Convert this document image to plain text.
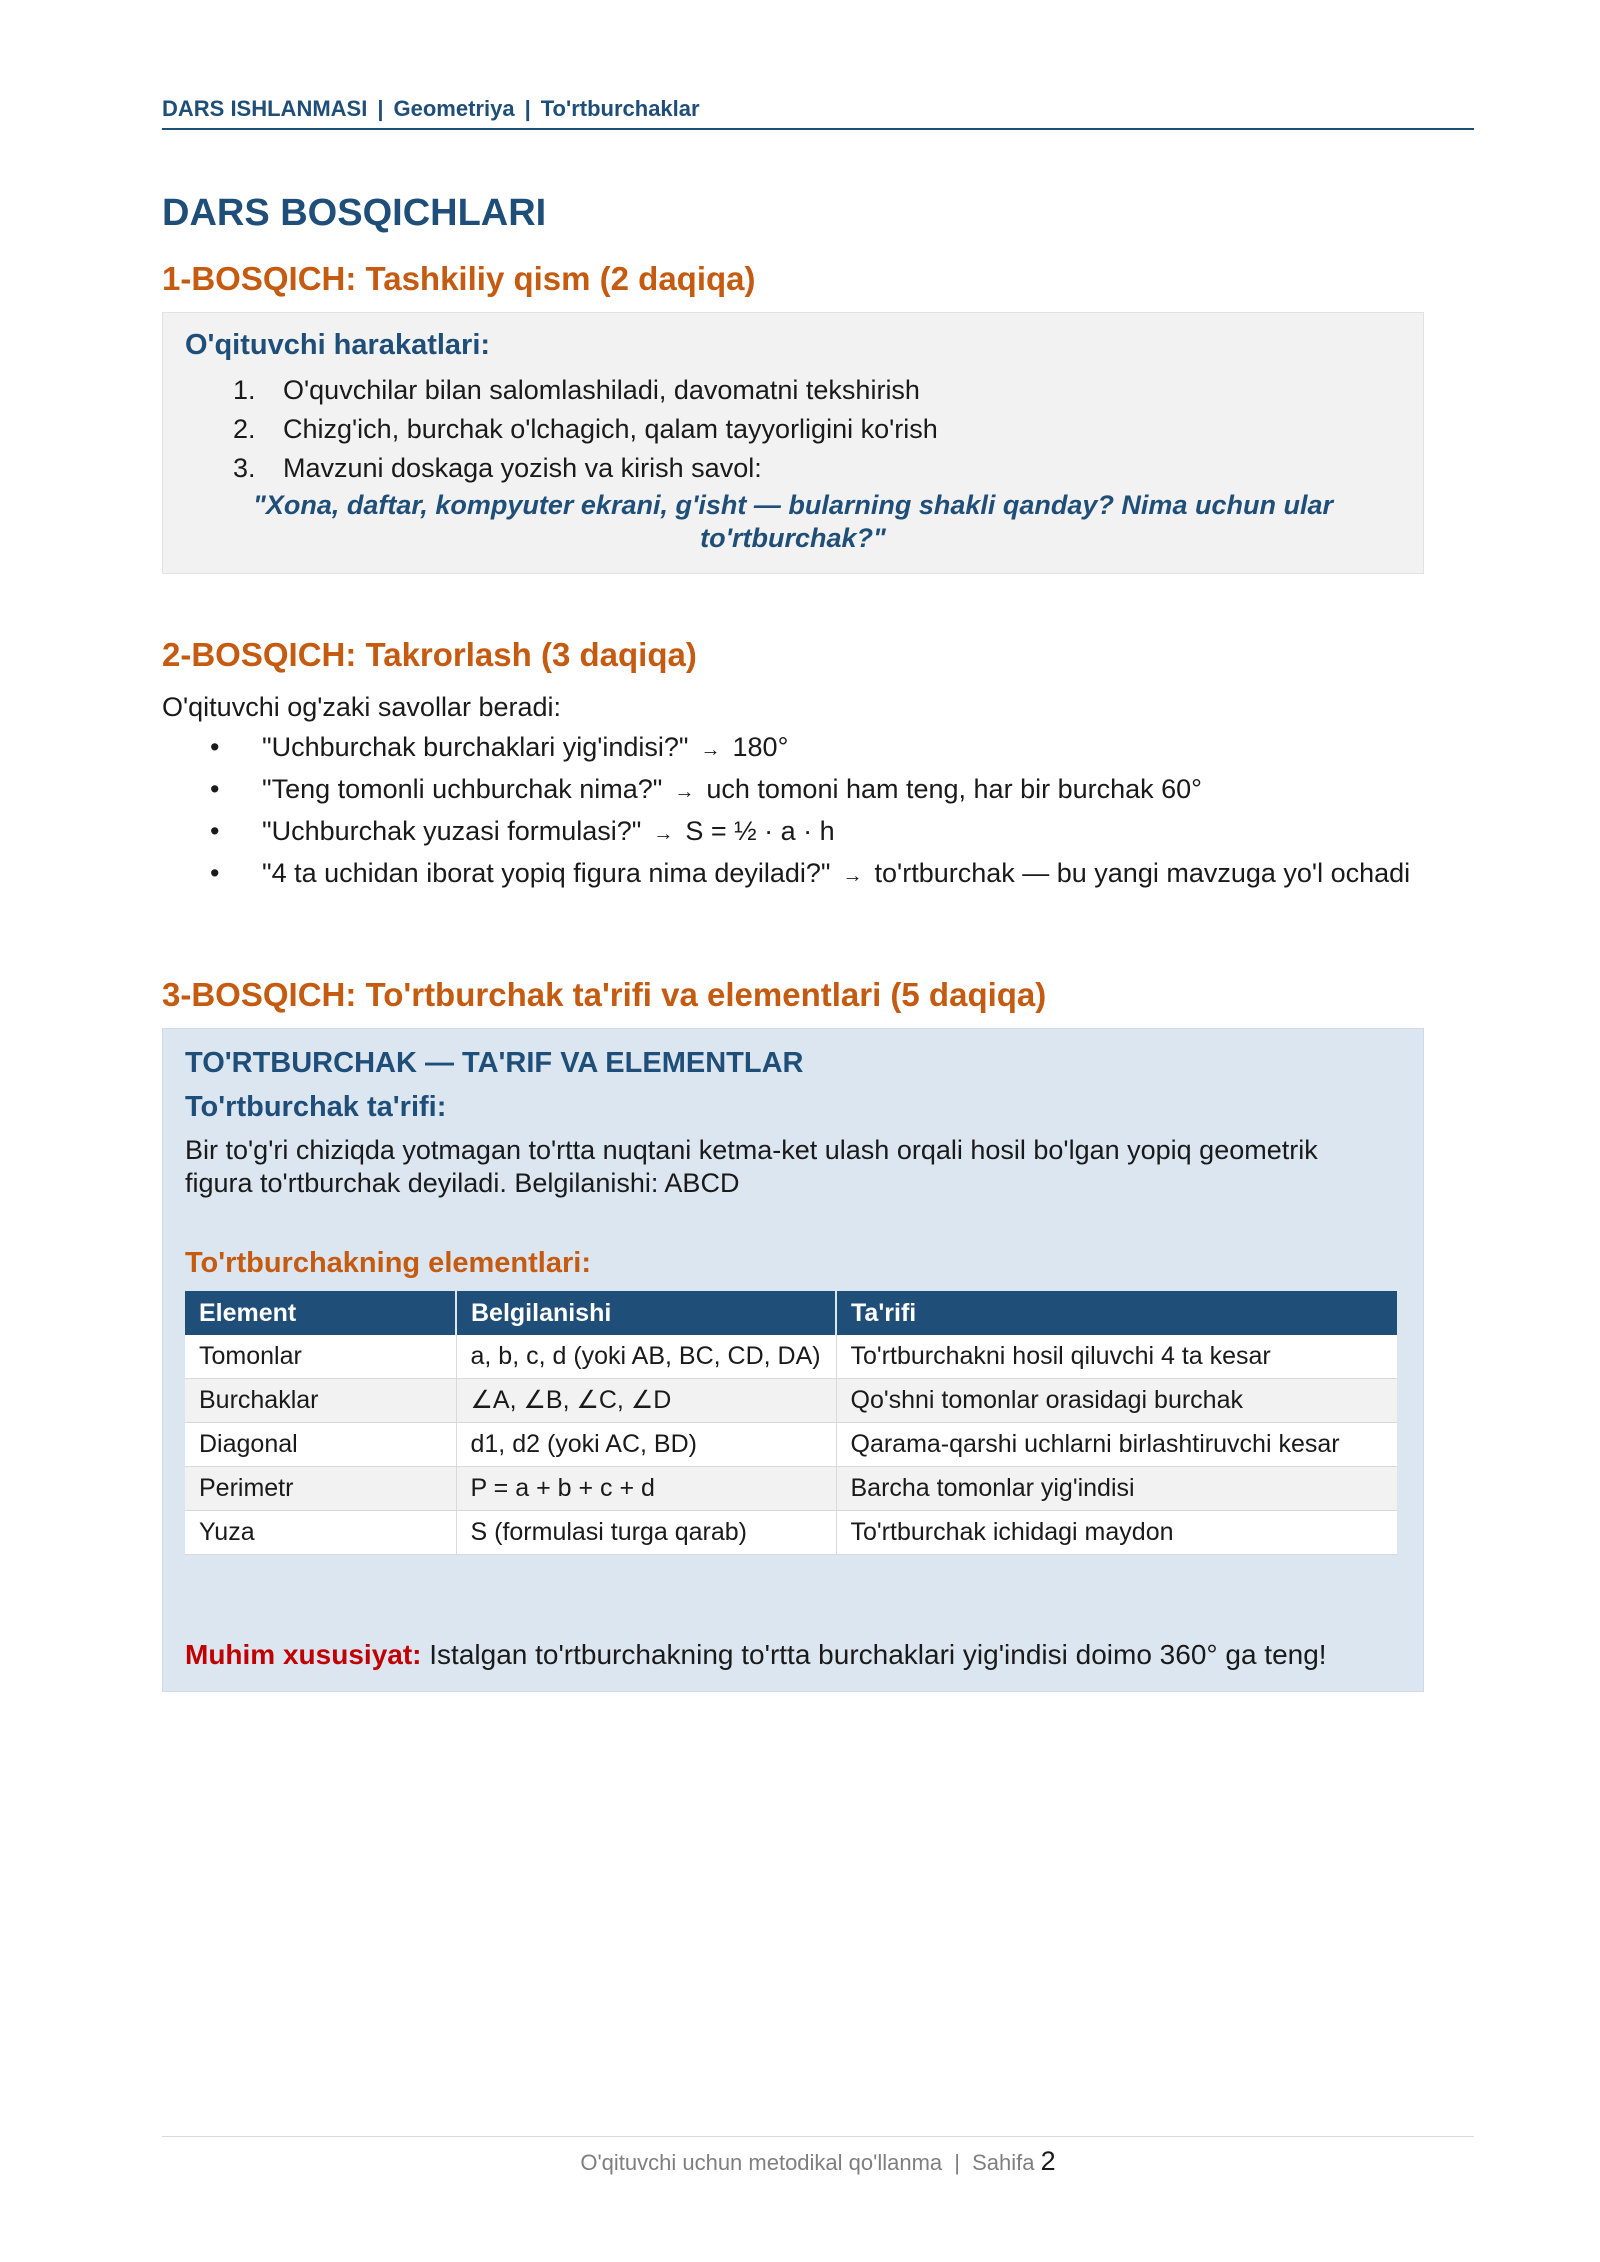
DARS ISHLANMASI | Geometriya | To'rtburchaklar
DARS BOSQICHLARI
1-BOSQICH: Tashkiliy qism (2 daqiqa)
O'qituvchi harakatlari:
1. O'quvchilar bilan salomlashiladi, davomatni tekshirish
2. Chizg'ich, burchak o'lchagich, qalam tayyorligini ko'rish
3. Mavzuni doskaga yozish va kirish savol:
"Xona, daftar, kompyuter ekrani, g'isht — bularning shakli qanday? Nima uchun ular to'rtburchak?"
2-BOSQICH: Takrorlash (3 daqiqa)
O'qituvchi og'zaki savollar beradi:
• "Uchburchak burchaklari yig'indisi?" → 180°
• "Teng tomonli uchburchak nima?" → uch tomoni ham teng, har bir burchak 60°
• "Uchburchak yuzasi formulasi?" → S = ½ · a · h
• "4 ta uchidan iborat yopiq figura nima deyiladi?" → to'rtburchak — bu yangi mavzuga yo'l ochadi
3-BOSQICH: To'rtburchak ta'rifi va elementlari (5 daqiqa)
TO'RTBURCHAK — TA'RIF VA ELEMENTLAR
To'rtburchak ta'rifi:
Bir to'g'ri chiziqda yotmagan to'rtta nuqtani ketma-ket ulash orqali hosil bo'lgan yopiq geometrik figura to'rtburchak deyiladi. Belgilanishi: ABCD
To'rtburchakning elementlari:
Element	Belgilanishi	Ta'rifi
Tomonlar	a, b, c, d (yoki AB, BC, CD, DA)	To'rtburchakni hosil qiluvchi 4 ta kesar
Burchaklar	∠A, ∠B, ∠C, ∠D	Qo'shni tomonlar orasidagi burchak
Diagonal	d1, d2 (yoki AC, BD)	Qarama-qarshi uchlarni birlashtiruvchi kesar
Perimetr	P = a + b + c + d	Barcha tomonlar yig'indisi
Yuza	S (formulasi turga qarab)	To'rtburchak ichidagi maydon
Muhim xususiyat: Istalgan to'rtburchakning to'rtta burchaklari yig'indisi doimo 360° ga teng!
O'qituvchi uchun metodikal qo'llanma | Sahifa 2
